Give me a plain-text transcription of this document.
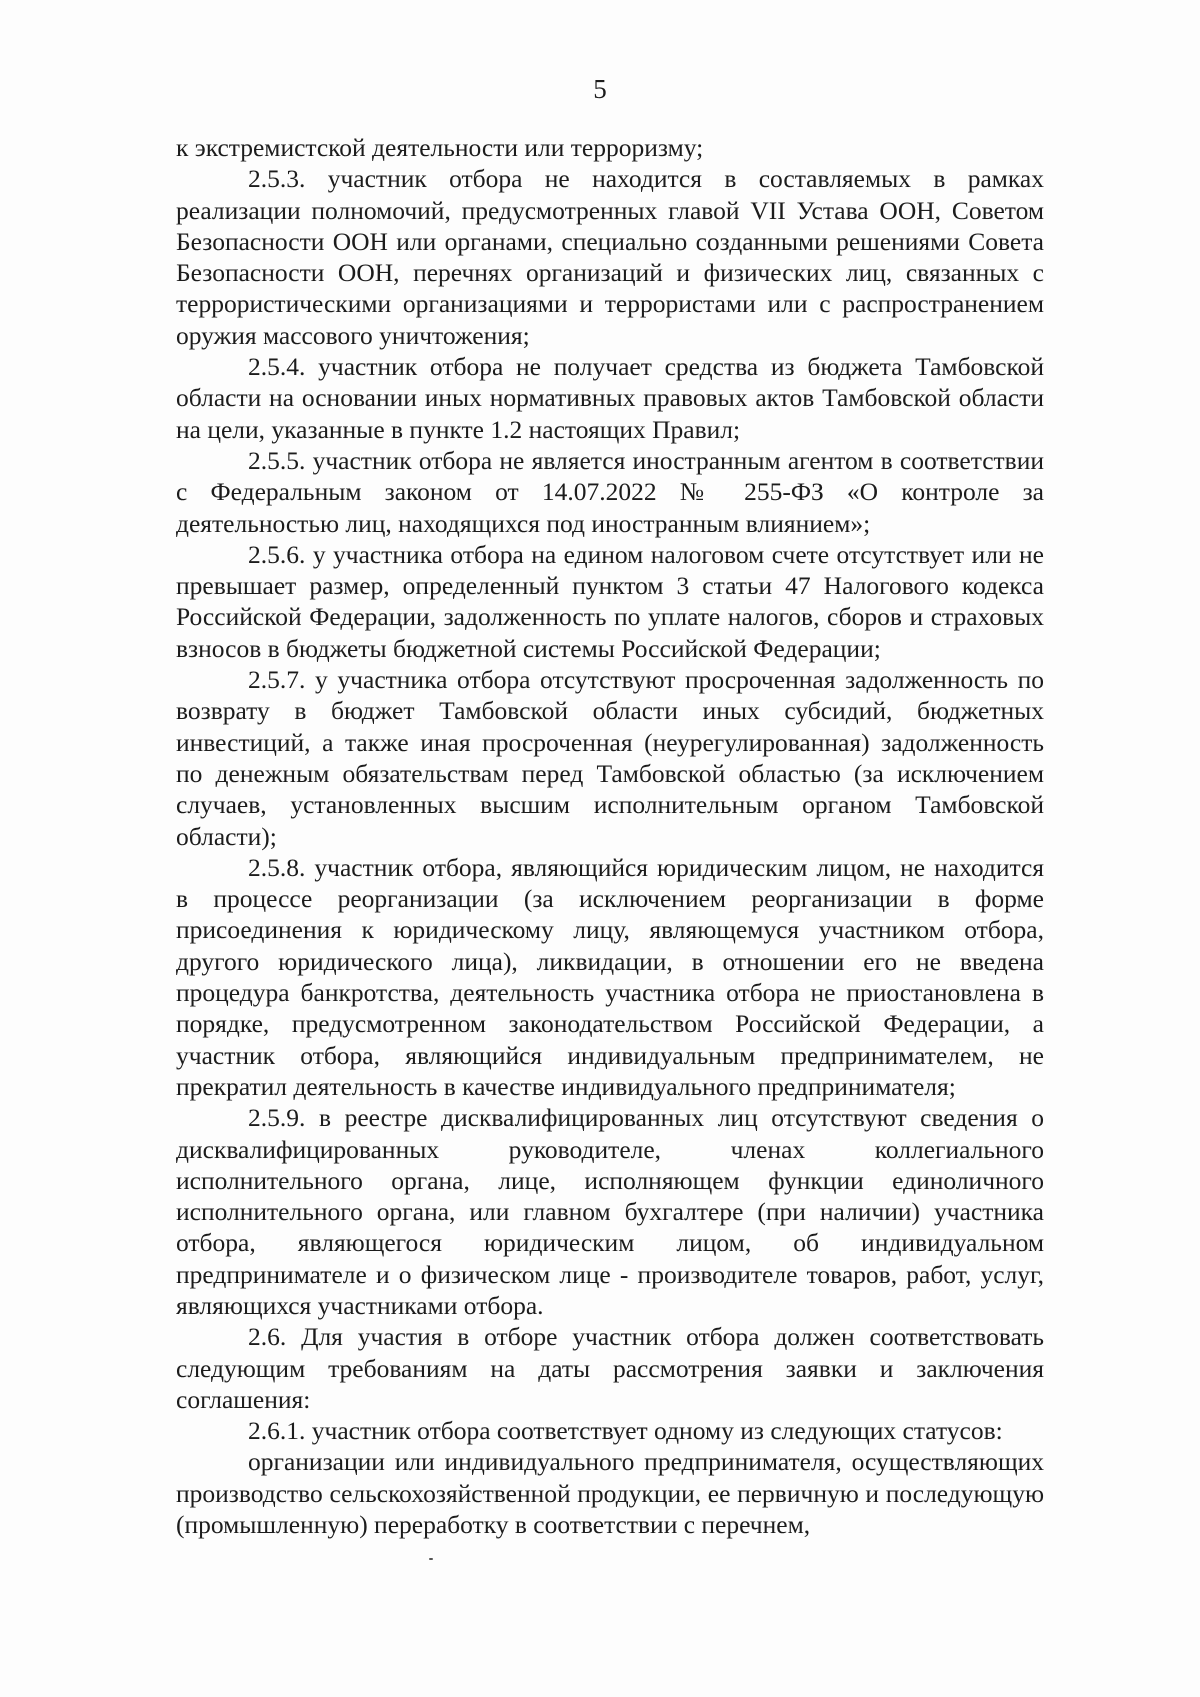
5

к экстремистской деятельности или терроризму;

2.5.3. участник отбора не находится в составляемых в рамках реализации полномочий, предусмотренных главой VII Устава ООН, Советом Безопасности ООН или органами, специально созданными решениями Совета Безопасности ООН, перечнях организаций и физических лиц, связанных с террористическими организациями и террористами или с распространением оружия массового уничтожения;

2.5.4. участник отбора не получает средства из бюджета Тамбовской области на основании иных нормативных правовых актов Тамбовской области на цели, указанные в пункте 1.2 настоящих Правил;

2.5.5. участник отбора не является иностранным агентом в соответствии с Федеральным законом от 14.07.2022 № 255-ФЗ «О контроле за деятельностью лиц, находящихся под иностранным влиянием»;

2.5.6. у участника отбора на едином налоговом счете отсутствует или не превышает размер, определенный пунктом 3 статьи 47 Налогового кодекса Российской Федерации, задолженность по уплате налогов, сборов и страховых взносов в бюджеты бюджетной системы Российской Федерации;

2.5.7. у участника отбора отсутствуют просроченная задолженность по возврату в бюджет Тамбовской области иных субсидий, бюджетных инвестиций, а также иная просроченная (неурегулированная) задолженность по денежным обязательствам перед Тамбовской областью (за исключением случаев, установленных высшим исполнительным органом Тамбовской области);

2.5.8. участник отбора, являющийся юридическим лицом, не находится в процессе реорганизации (за исключением реорганизации в форме присоединения к юридическому лицу, являющемуся участником отбора, другого юридического лица), ликвидации, в отношении его не введена процедура банкротства, деятельность участника отбора не приостановлена в порядке, предусмотренном законодательством Российской Федерации, а участник отбора, являющийся индивидуальным предпринимателем, не прекратил деятельность в качестве индивидуального предпринимателя;

2.5.9. в реестре дисквалифицированных лиц отсутствуют сведения о дисквалифицированных руководителе, членах коллегиального исполнительного органа, лице, исполняющем функции единоличного исполнительного органа, или главном бухгалтере (при наличии) участника отбора, являющегося юридическим лицом, об индивидуальном предпринимателе и о физическом лице - производителе товаров, работ, услуг, являющихся участниками отбора.

2.6. Для участия в отборе участник отбора должен соответствовать следующим требованиям на даты рассмотрения заявки и заключения соглашения:

2.6.1. участник отбора соответствует одному из следующих статусов:

организации или индивидуального предпринимателя, осуществляющих производство сельскохозяйственной продукции, ее первичную и последующую (промышленную) переработку в соответствии с перечнем,
